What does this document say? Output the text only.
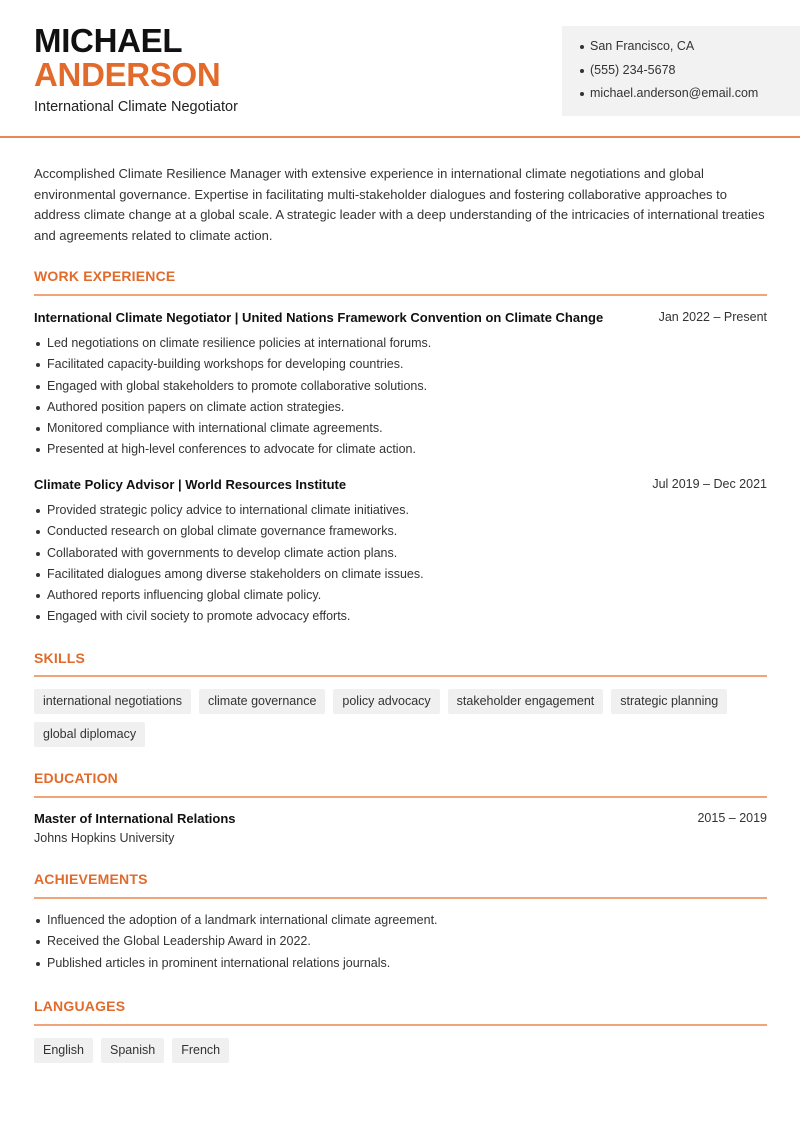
MICHAEL
ANDERSON
International Climate Negotiator
San Francisco, CA
(555) 234-5678
michael.anderson@email.com

Accomplished Climate Resilience Manager with extensive experience in international climate negotiations and global environmental governance. Expertise in facilitating multi-stakeholder dialogues and fostering collaborative approaches to address climate change at a global scale. A strategic leader with a deep understanding of the intricacies of international treaties and agreements related to climate action.

WORK EXPERIENCE
International Climate Negotiator | United Nations Framework Convention on Climate Change	Jan 2022 – Present
Led negotiations on climate resilience policies at international forums.
Facilitated capacity-building workshops for developing countries.
Engaged with global stakeholders to promote collaborative solutions.
Authored position papers on climate action strategies.
Monitored compliance with international climate agreements.
Presented at high-level conferences to advocate for climate action.
Climate Policy Advisor | World Resources Institute	Jul 2019 – Dec 2021
Provided strategic policy advice to international climate initiatives.
Conducted research on global climate governance frameworks.
Collaborated with governments to develop climate action plans.
Facilitated dialogues among diverse stakeholders on climate issues.
Authored reports influencing global climate policy.
Engaged with civil society to promote advocacy efforts.
SKILLS
international negotiations	climate governance	policy advocacy	stakeholder engagement	strategic planning
global diplomacy
EDUCATION
Master of International Relations	2015 – 2019
Johns Hopkins University
ACHIEVEMENTS
Influenced the adoption of a landmark international climate agreement.
Received the Global Leadership Award in 2022.
Published articles in prominent international relations journals.
LANGUAGES
English	Spanish	French
